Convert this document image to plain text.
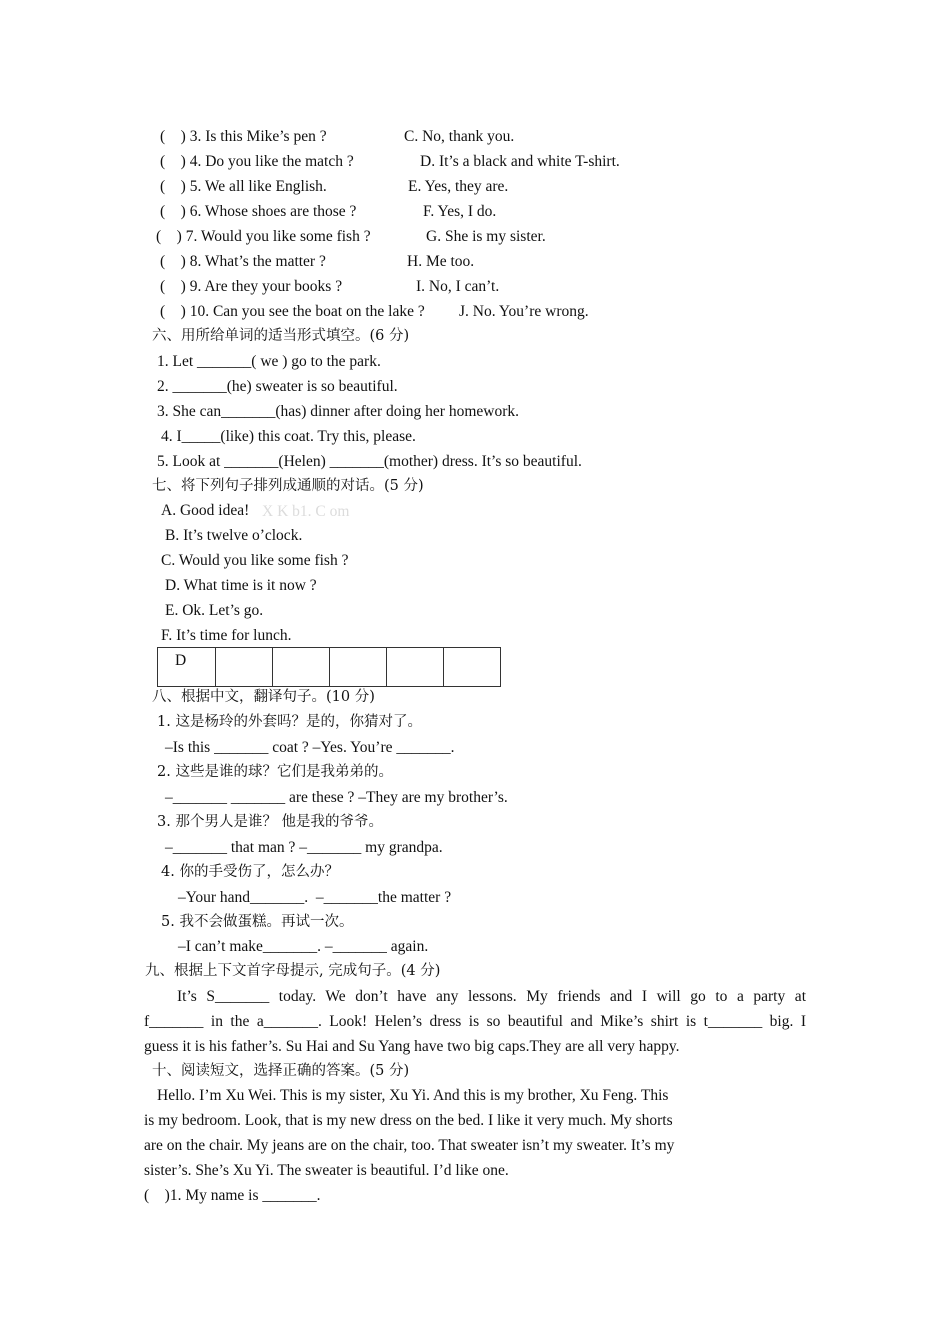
(    ) 3. Is this Mike’s pen ?	C. No, thank you.
(    ) 4. Do you like the match ?	D. It’s a black and white T-shirt.
(    ) 5. We all like English.	E. Yes, they are.
(    ) 6. Whose shoes are those ?	F. Yes, I do.
(    ) 7. Would you like some fish ?	G. She is my sister.
(    ) 8. What’s the matter ?	H. Me too.
(    ) 9. Are they your books ?	I. No, I can’t.
(    ) 10. Can you see the boat on the lake ? J. No. You’re wrong.
六、用所给单词的适当形式填空。(6 分)
1. Let _______( we ) go to the park.
2. _______(he) sweater is so beautiful.
3. She can_______(has) dinner after doing her homework.
4. I_____(like) this coat. Try this, please.
5. Look at _______(Helen) _______(mother) dress. It’s so beautiful.
七、将下列句子排列成通顺的对话。(5 分)
A. Good idea! X K b1. C om
B. It’s twelve o’clock.
C. Would you like some fish ?
D. What time is it now ?
E. Ok. Let’s go.
F. It’s time for lunch.
D					
八、根据中文，翻译句子。(10 分)
1. 这是杨玲的外套吗？是的，你猜对了。
–Is this _______ coat ? –Yes. You’re _______.
2. 这些是谁的球？它们是我弟弟的。
–_______ _______ are these ? –They are my brother’s.
3. 那个男人是谁？ 他是我的爷爷。
–_______ that man ? –_______ my grandpa.
4. 你的手受伤了，怎么办？
–Your hand_______.  –_______the matter ?
5. 我不会做蛋糕。再试一次。
–I can’t make_______. –_______ again.
九、根据上下文首字母提示, 完成句子。(4 分)
It’s S_______ today. We don’t have any lessons. My friends and I will go to a party at
f_______ in the a_______. Look! Helen’s dress is so beautiful and Mike’s shirt is t_______ big. I
guess it is his father’s. Su Hai and Su Yang have two big caps.They are all very happy.
十、阅读短文，选择正确的答案。(5 分)
Hello. I’m Xu Wei. This is my sister, Xu Yi. And this is my brother, Xu Feng. This
is my bedroom. Look, that is my new dress on the bed. I like it very much. My shorts
are on the chair. My jeans are on the chair, too. That sweater isn’t my sweater. It’s my
sister’s. She’s Xu Yi. The sweater is beautiful. I’d like one.
(    )1. My name is _______.
